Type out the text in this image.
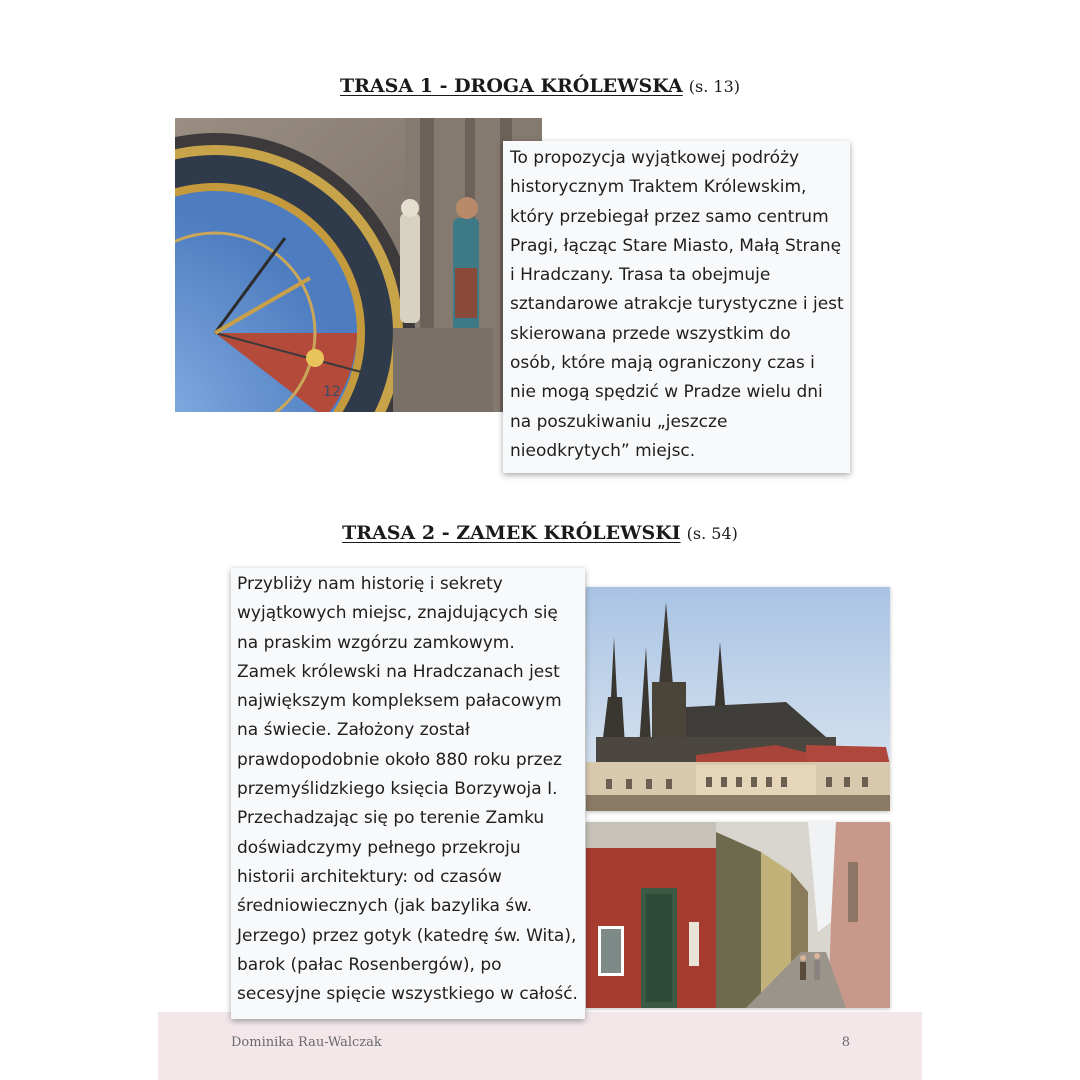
TRASA 1 - DROGA KRÓLEWSKA (s. 13)
12
To propozycja wyjątkowej podróży
historycznym Traktem Królewskim,
który przebiegał przez samo centrum
Pragi, łącząc Stare Miasto, Małą Stranę
i Hradczany. Trasa ta obejmuje
sztandarowe atrakcje turystyczne i jest
skierowana przede wszystkim do
osób, które mają ograniczony czas i
nie mogą spędzić w Pradze wielu dni
na poszukiwaniu „jeszcze
nieodkrytych” miejsc.
TRASA 2 - ZAMEK KRÓLEWSKI (s. 54)
Dominika Rau-Walczak	8
Przybliży nam historię i sekrety
wyjątkowych miejsc, znajdujących się
na praskim wzgórzu zamkowym.
Zamek królewski na Hradczanach jest
największym kompleksem pałacowym
na świecie. Założony został
prawdopodobnie około 880 roku przez
przemyślidzkiego księcia Borzywoja I.
Przechadzając się po terenie Zamku
doświadczymy pełnego przekroju
historii architektury: od czasów
średniowiecznych (jak bazylika św.
Jerzego) przez gotyk (katedrę św. Wita),
barok (pałac Rosenbergów), po
secesyjne spięcie wszystkiego w całość.
